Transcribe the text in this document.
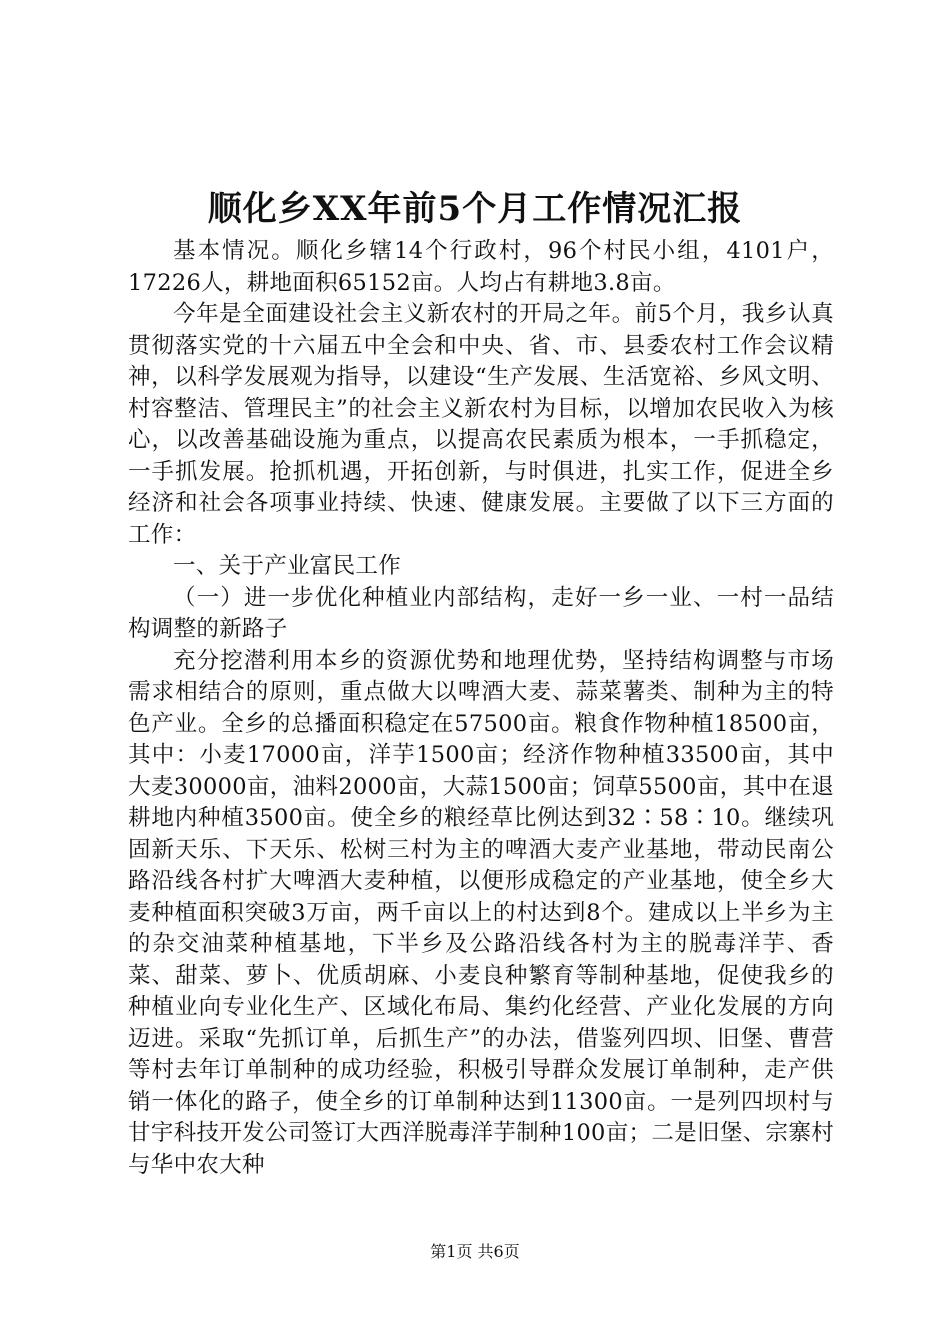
顺化乡XX年前5个月工作情况汇报

基本情况。顺化乡辖14个行政村，96个村民小组，4101户，17226人，耕地面积65152亩。人均占有耕地3.8亩。

今年是全面建设社会主义新农村的开局之年。前5个月，我乡认真贯彻落实党的十六届五中全会和中央、省、市、县委农村工作会议精神，以科学发展观为指导，以建设“生产发展、生活宽裕、乡风文明、村容整洁、管理民主”的社会主义新农村为目标，以增加农民收入为核心，以改善基础设施为重点，以提高农民素质为根本，一手抓稳定，一手抓发展。抢抓机遇，开拓创新，与时俱进，扎实工作，促进全乡经济和社会各项事业持续、快速、健康发展。主要做了以下三方面的工作：

一、关于产业富民工作

（一）进一步优化种植业内部结构，走好一乡一业、一村一品结构调整的新路子

充分挖潜利用本乡的资源优势和地理优势，坚持结构调整与市场需求相结合的原则，重点做大以啤酒大麦、蒜菜薯类、制种为主的特色产业。全乡的总播面积稳定在57500亩。粮食作物种植18500亩，其中：小麦17000亩，洋芋1500亩；经济作物种植33500亩，其中大麦30000亩，油料2000亩，大蒜1500亩；饲草5500亩，其中在退耕地内种植3500亩。使全乡的粮经草比例达到32∶58∶10。继续巩固新天乐、下天乐、松树三村为主的啤酒大麦产业基地，带动民南公路沿线各村扩大啤酒大麦种植，以便形成稳定的产业基地，使全乡大麦种植面积突破3万亩，两千亩以上的村达到8个。建成以上半乡为主的杂交油菜种植基地，下半乡及公路沿线各村为主的脱毒洋芋、香菜、甜菜、萝卜、优质胡麻、小麦良种繁育等制种基地，促使我乡的种植业向专业化生产、区域化布局、集约化经营、产业化发展的方向迈进。采取“先抓订单，后抓生产”的办法，借鉴列四坝、旧堡、曹营等村去年订单制种的成功经验，积极引导群众发展订单制种，走产供销一体化的路子，使全乡的订单制种达到11300亩。一是列四坝村与甘宇科技开发公司签订大西洋脱毒洋芋制种100亩；二是旧堡、宗寨村与华中农大种

第1页 共6页
